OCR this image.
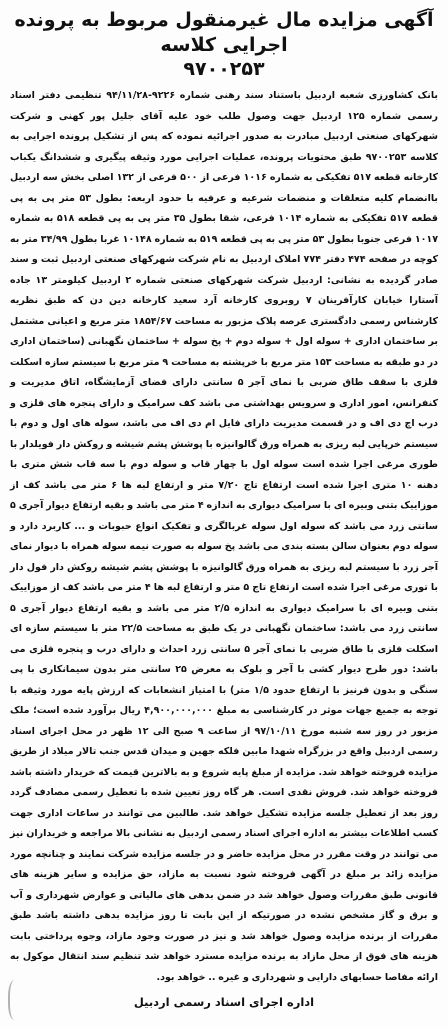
آگهی مزایده مال غیرمنقول مربوط به پرونده اجرایی کلاسه
۹۷۰۰۲۵۳

بانک کشاورزی شعبه اردبیل باستناد سند رهنی شماره ۹۲۲۶-۹۴/۱۱/۲۸ تنظیمی دفتر اسناد رسمی شماره ۱۲۵ اردبیل جهت وصول طلب خود علیه آقای جلیل پور کهنی و شرکت شهرکهای صنعتی اردبیل مبادرت به صدور اجرائیه نموده که پس از تشکیل پرونده اجرایی به کلاسه ۹۷۰۰۲۵۳ طبق محتویات پرونده، عملیات اجرایی مورد وثیقه پیگیری و ششدانگ یکباب کارخانه قطعه ۵۱۷ تفکیکی به شماره ۱۰۱۶ فرعی از ۵۰۰ فرعی از ۱۳۲ اصلی بخش سه اردبیل باانضمام کلیه متعلقات و منضمات شرعیه و عرفیه با حدود اربعه: بطول ۵۳ متر پی به پی قطعه ۵۱۷ تفکیکی به شماره ۱۰۱۴ فرعی، شقا بطول ۳۵ متر پی به پی قطعه ۵۱۸ به شماره ۱۰۱۷ فرعی جنوبا بطول ۵۳ متر پی به پی قطعه ۵۱۹ به شماره ۱۰۱۴۸ غربا بطول ۳۴/۹۹ متر به کوچه در صفحه ۴۷۴ دفتر ۷۷۴ املاک اردبیل به نام شرکت شهرکهای صنعتی اردبیل ثبت و سند صادر گردیده به نشانی: اردبیل شرکت شهرکهای صنعتی شماره ۲ اردبیل کیلومتر ۱۳ جاده آستارا خیابان کارآفرینان ۷ روبروی کارخانه آرد سعید کارخانه دین دن که طبق نظریه کارشناس رسمی دادگستری عرصه پلاک مزبور به مساحت ۱۸۵۴/۶۷ متر مربع و اعیانی مشتمل بر ساختمان اداری + سوله اول + سوله دوم + پخ سوله + ساختمان نگهبانی (ساختمان اداری در دو طبقه به مساحت ۱۵۳ متر مربع با خرپشته به مساحت ۹ متر مربع با سیستم سازه اسکلت فلزی با سقف طاق ضربی با نمای آجر ۵ سانتی دارای فضای آزمایشگاه، اتاق مدیریت و کنفرانس، امور اداری و سرویس بهداشتی می باشد کف سرامیک و دارای پنجره های فلزی و درب اچ دی اف و در قسمت مدیریت دارای فایل ام دی اف می باشد، سوله های اول و دوم با سیستم خرپایی لبه ریزی به همراه ورق گالوانیزه با پوشش پشم شیشه و روکش دار فویلدار با طوری مرغی اجرا شده است سوله اول با چهار قاب و سوله دوم با سه قاب شش متری با دهنه ۱۰ متری اجرا شده است ارتفاع تاج ۷/۲۰ متر و ارتفاع لبه ها ۶ متر می باشد کف از موزاییک بتنی وبیره ای با سرامیک دیواری به اندازه ۴ متر می باشد و بقیه ارتفاع دیوار آجری ۵ سانتی زرد می باشد که سوله اول سوله غربالگری و تفکیک انواع حبوبات و ... کاربرد دارد و سوله دوم بعنوان سالن بسته بندی می باشد پخ سوله به صورت نیمه سوله همراه با دیوار نمای آجر زرد با سیستم لبه ریزی به همراه ورق گالوانیزه با پوشش پشم شیشه روکش دار فول دار با توری مرغی اجرا شده است ارتفاع تاج ۵ متر و ارتفاع لبه ها ۴ متر می باشد کف از موزاییک بتنی وبیره ای با سرامیک دیواری به اندازه ۲/۵ متر می باشد و بقیه ارتفاع دیوار آجری ۵ سانتی زرد می باشد: ساختمان نگهبانی در یک طبق به مساحت ۲۲/۵ متر با سیستم سازه ای اسکلت فلزی با طاق ضربی با نمای آجر ۵ سانتی زرد احداث و دارای درب و پنجره فلزی می باشد: دور طرح دیوار کشی با آجر و بلوک به معرض ۲۵ سانتی متر بدون سیمانکاری با پی سنگی و بدون فرنیز با ارتفاع حدود ۱/۵ متر) با امتیاز انشعابات که ارزش پایه مورد وثیقه با توجه به جمیع جهات موثر در کارشناسی به مبلغ ۴,۹۰۰,۰۰۰,۰۰۰ ریال برآورد شده است؛ ملک مزبور در روز سه شنبه مورخ ۹۷/۱۰/۱۱ از ساعت ۹ صبح الی ۱۲ ظهر در محل اجرای اسناد رسمی اردبیل واقع در بزرگراه شهدا مابین فلکه جهین و میدان قدس جنب تالار میلاد از طریق مزایده فروخته خواهد شد. مزایده از مبلغ پایه شروع و به بالاترین قیمت که خریدار داشته باشد فروخته خواهد شد. فروش نقدی است. هر گاه روز تعیین شده با تعطیل رسمی مصادف گردد روز بعد از تعطیل جلسه مزایده تشکیل خواهد شد. طالبین می توانند در ساعات اداری جهت کسب اطلاعات بیشتر به اداره اجرای اسناد رسمی اردبیل به نشانی بالا مراجعه و خریداران نیز می توانند در وقت مقرر در محل مزایده حاضر و در جلسه مزایده شرکت نمایند و چنانچه مورد مزایده زائد بر مبلغ در آگهی فروخته شود نسبت به مازاد، حق مزایده و سایر هزینه های قانونی طبق مقررات وصول خواهد شد در ضمن بدهی های مالیاتی و عوارض شهرداری و آب و برق و گاز مشخص نشده در صورتیکه از این بابت تا روز مزایده بدهی داشته باشد طبق مقررات از برنده مزایده وصول خواهد شد و نیز در صورت وجود مازاد، وجوه پرداختی بابت هزینه های فوق از محل مازاد به برنده مزایده مسترد خواهد شد تنظیم سند انتقال موکول به ارائه مفاصا حسابهای دارایی و شهرداری و غیره .. خواهد بود.

اداره اجرای اسناد رسمی اردبیل
